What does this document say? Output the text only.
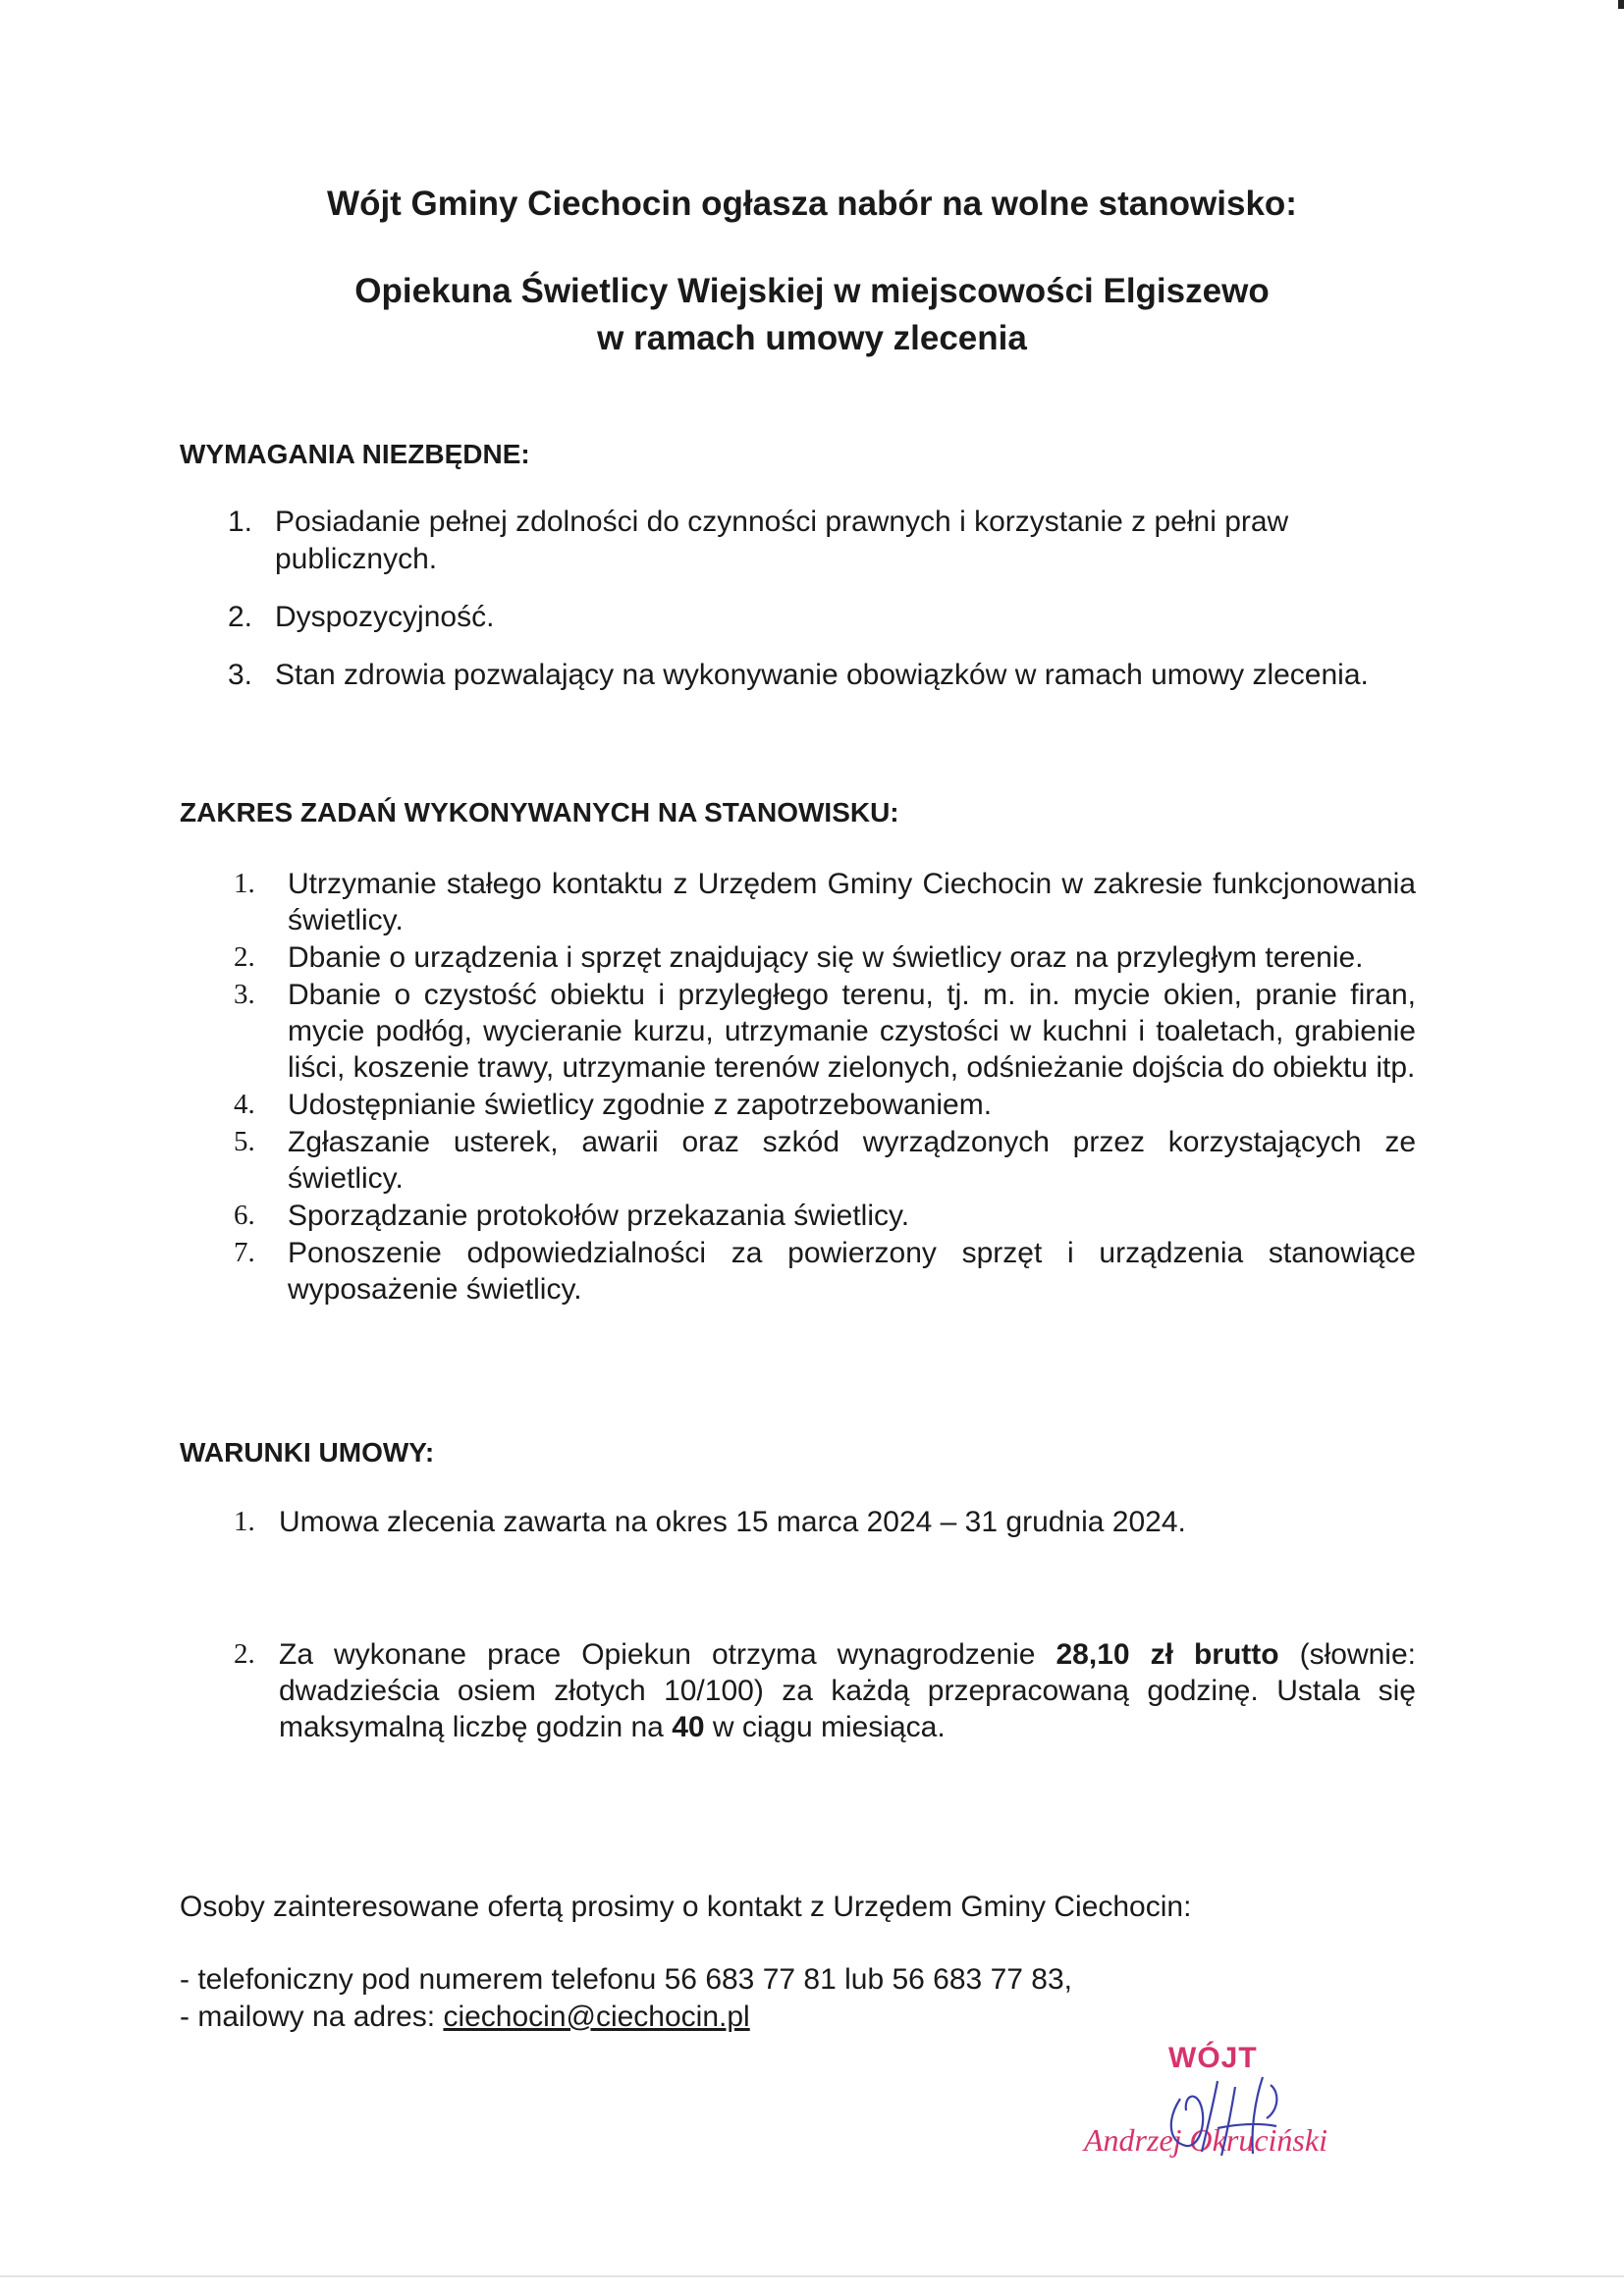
Wójt Gminy Ciechocin ogłasza nabór na wolne stanowisko:
Opiekuna Świetlicy Wiejskiej w miejscowości Elgiszewo
w ramach umowy zlecenia
WYMAGANIA NIEZBĘDNE:
1. Posiadanie pełnej zdolności do czynności prawnych i korzystanie z pełni praw publicznych.
2. Dyspozycyjność.
3. Stan zdrowia pozwalający na wykonywanie obowiązków w ramach umowy zlecenia.
ZAKRES ZADAŃ WYKONYWANYCH NA STANOWISKU:
1. Utrzymanie stałego kontaktu z Urzędem Gminy Ciechocin w zakresie funkcjonowania świetlicy.
2. Dbanie o urządzenia i sprzęt znajdujący się w świetlicy oraz na przyległym terenie.
3. Dbanie o czystość obiektu i przyległego terenu, tj. m. in. mycie okien, pranie firan, mycie podłóg, wycieranie kurzu, utrzymanie czystości w kuchni i toaletach, grabienie liści, koszenie trawy, utrzymanie terenów zielonych, odśnieżanie dojścia do obiektu itp.
4. Udostępnianie świetlicy zgodnie z zapotrzebowaniem.
5. Zgłaszanie usterek, awarii oraz szkód wyrządzonych przez korzystających ze świetlicy.
6. Sporządzanie protokołów przekazania świetlicy.
7. Ponoszenie odpowiedzialności za powierzony sprzęt i urządzenia stanowiące wyposażenie świetlicy.
WARUNKI UMOWY:
1. Umowa zlecenia zawarta na okres 15 marca 2024 – 31 grudnia 2024.
2. Za wykonane prace Opiekun otrzyma wynagrodzenie 28,10 zł brutto (słownie: dwadzieścia osiem złotych 10/100) za każdą przepracowaną godzinę. Ustala się maksymalną liczbę godzin na 40 w ciągu miesiąca.
Osoby zainteresowane ofertą prosimy o kontakt z Urzędem Gminy Ciechocin:
- telefoniczny pod numerem telefonu 56 683 77 81 lub 56 683 77 83,
- mailowy na adres: ciechocin@ciechocin.pl
WÓJT
Andrzej Okruciński
